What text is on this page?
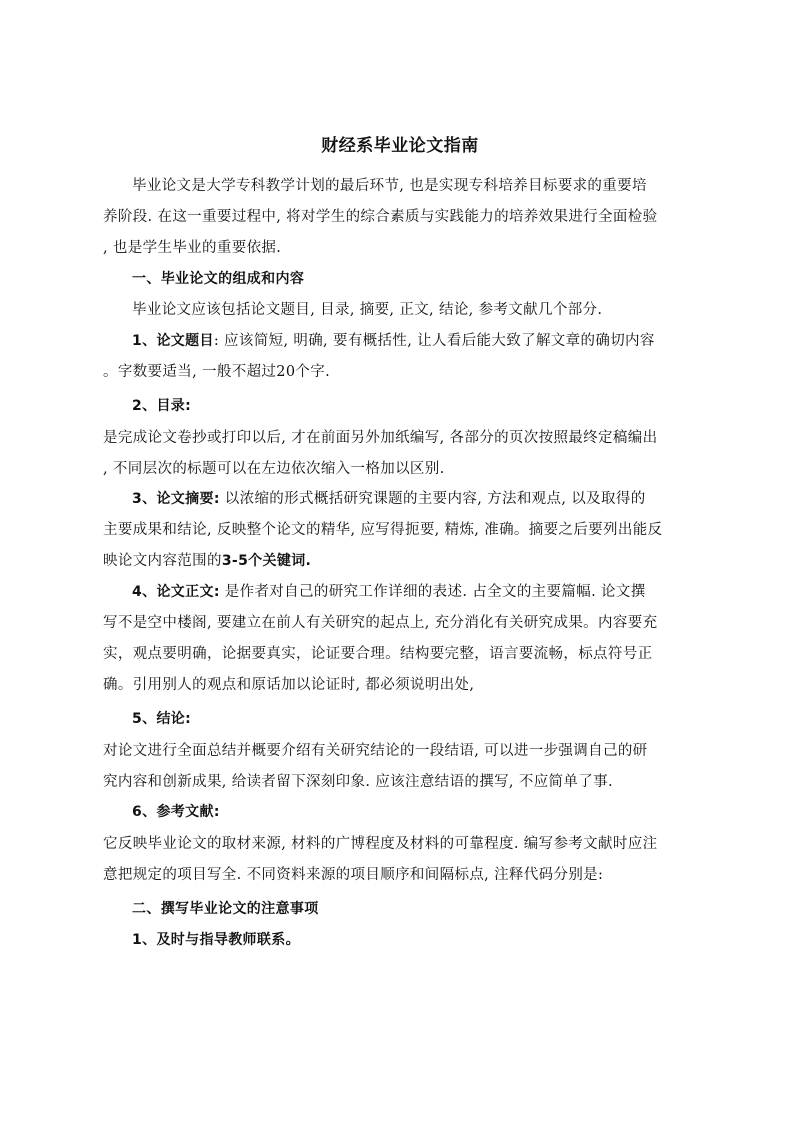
财经系毕业论文指南
毕业论文是大学专科教学计划的最后环节, 也是实现专科培养目标要求的重要培
养阶段. 在这一重要过程中, 将对学生的综合素质与实践能力的培养效果进行全面检验
, 也是学生毕业的重要依据.
一、毕业论文的组成和内容
毕业论文应该包括论文题目, 目录, 摘要, 正文, 结论, 参考文献几个部分.
1、论文题目: 应该简短, 明确, 要有概括性, 让人看后能大致了解文章的确切内容
。字数要适当, 一般不超过20个字.
2、目录:
是完成论文卷抄或打印以后, 才在前面另外加纸编写, 各部分的页次按照最终定稿编出
, 不同层次的标题可以在左边依次缩入一格加以区别.
3、论文摘要: 以浓缩的形式概括研究课题的主要内容, 方法和观点, 以及取得的
主要成果和结论, 反映整个论文的精华, 应写得扼要, 精炼, 准确。摘要之后要列出能反
映论文内容范围的3-5个关键词.
4、论文正文: 是作者对自己的研究工作详细的表述. 占全文的主要篇幅. 论文撰
写不是空中楼阁, 要建立在前人有关研究的起点上, 充分消化有关研究成果。内容要充
实，观点要明确，论据要真实，论证要合理。结构要完整，语言要流畅，标点符号正
确。引用别人的观点和原话加以论证时, 都必须说明出处,
5、结论:
对论文进行全面总结并概要介绍有关研究结论的一段结语, 可以进一步强调自己的研
究内容和创新成果, 给读者留下深刻印象. 应该注意结语的撰写, 不应简单了事.
6、参考文献:
它反映毕业论文的取材来源, 材料的广博程度及材料的可靠程度. 编写参考文献时应注
意把规定的项目写全. 不同资料来源的项目顺序和间隔标点, 注释代码分别是:
二、撰写毕业论文的注意事项
1、及时与指导教师联系。
